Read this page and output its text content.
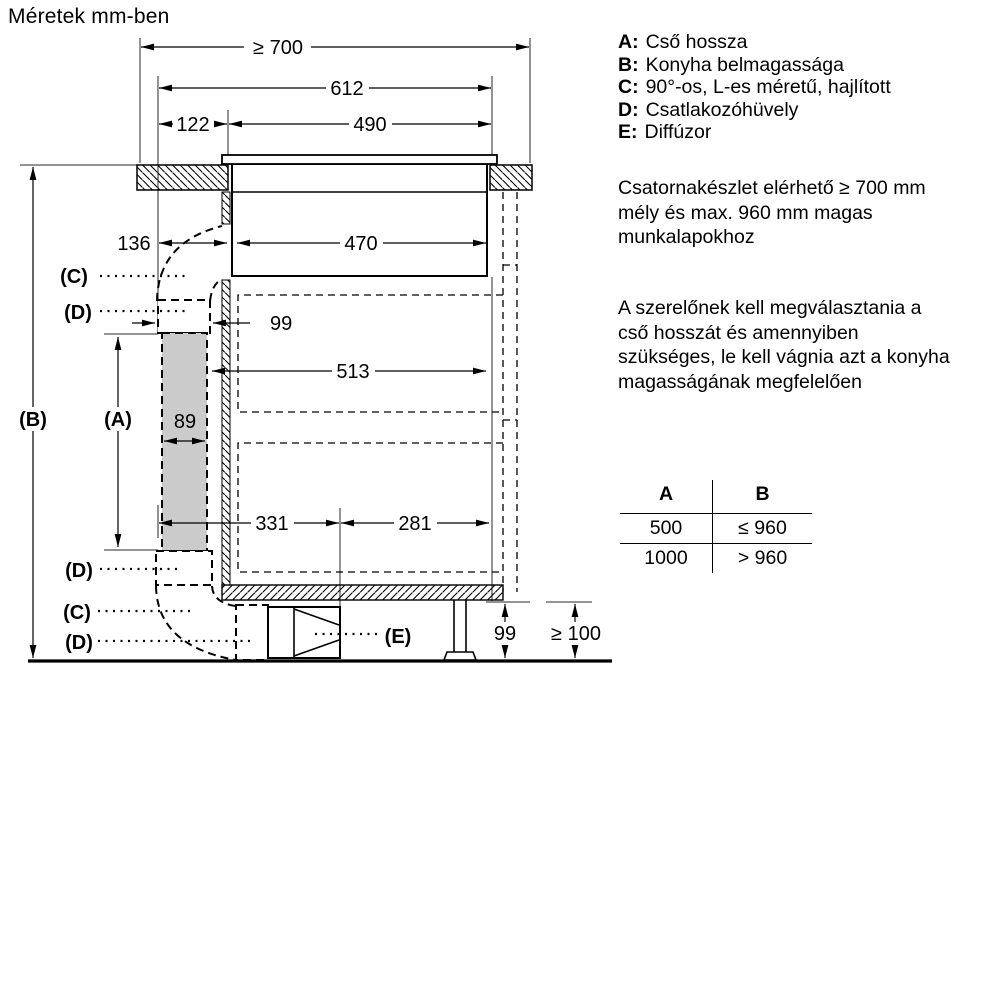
Méretek mm-ben
≥ 700
612
122	490
136	470
99
513
89
331	281
99 ≥ 100
(C)
(D)
(A)
(B)
(D)
(C)
(D)	(E)
A: Cső hossza
B: Konyha belmagassága
C: 90°-os, L-es méretű, hajlított
D: Csatlakozóhüvely
E: Diffúzor
Csatornakészlet elérhető ≥ 700 mm mély és max. 960 mm magas munkalapokhoz
A szerelőnek kell megválasztania a cső hosszát és amennyiben szükséges, le kell vágnia azt a konyha magasságának megfelelően
A	B
500	≤ 960
1000	> 960
